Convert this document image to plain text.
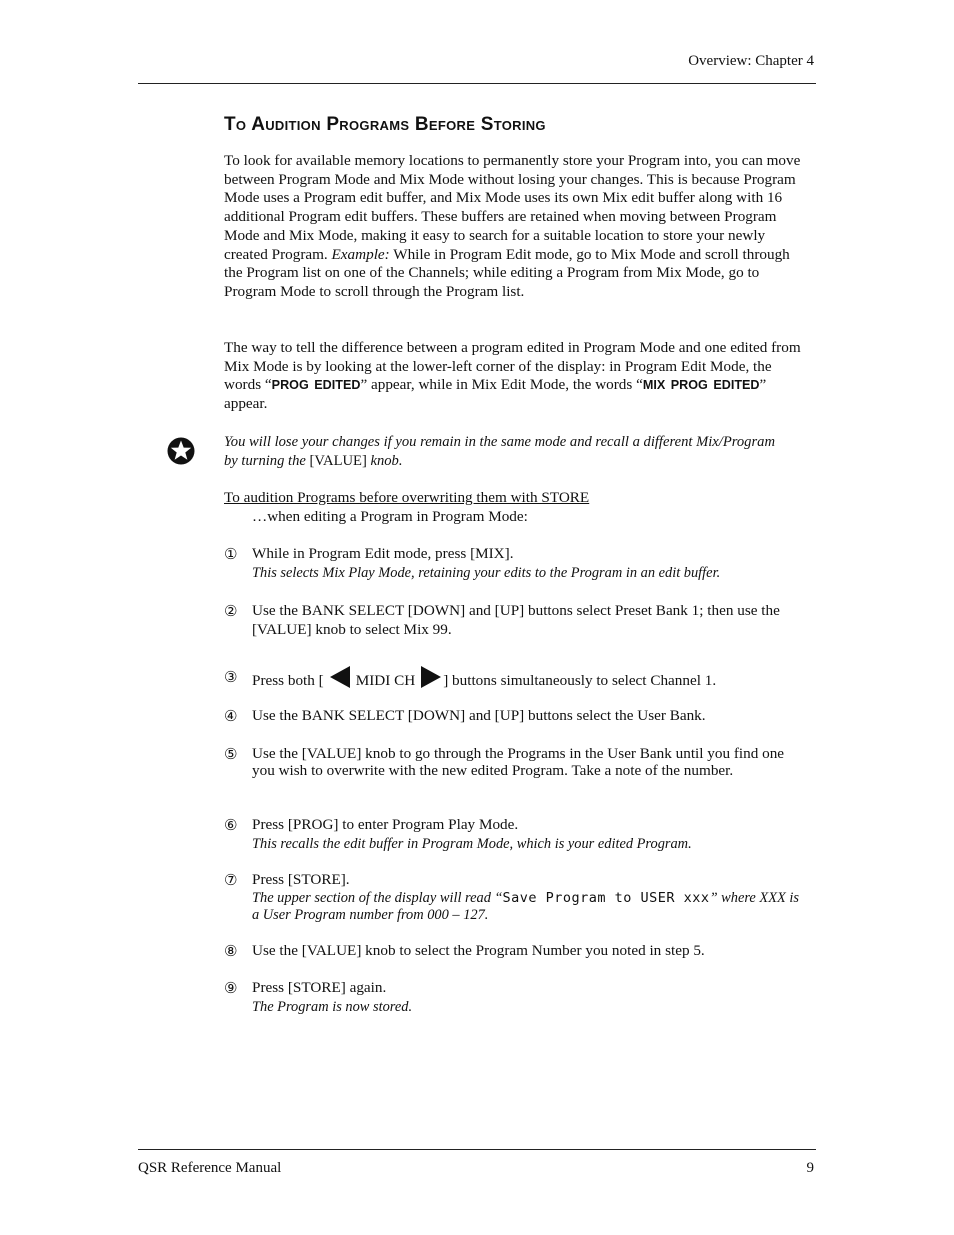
Overview: Chapter 4
To Audition Programs Before Storing
To look for available memory locations to permanently store your Program into, you can move between Program Mode and Mix Mode without losing your changes. This is because Program Mode uses a Program edit buffer, and Mix Mode uses its own Mix edit buffer along with 16 additional Program edit buffers. These buffers are retained when moving between Program Mode and Mix Mode, making it easy to search for a suitable location to store your newly created Program. Example: While in Program Edit mode, go to Mix Mode and scroll through the Program list on one of the Channels; while editing a Program from Mix Mode, go to Program Mode to scroll through the Program list.
The way to tell the difference between a program edited in Program Mode and one edited from Mix Mode is by looking at the lower-left corner of the display: in Program Edit Mode, the words “PROG EDITED” appear, while in Mix Edit Mode, the words “MIX PROG EDITED” appear.
You will lose your changes if you remain in the same mode and recall a different Mix/Program by turning the [VALUE] knob.
To audition Programs before overwriting them with STORE
…when editing a Program in Program Mode:
① While in Program Edit mode, press [MIX].
This selects Mix Play Mode, retaining your edits to the Program in an edit buffer.
② Use the BANK SELECT [DOWN] and [UP] buttons select Preset Bank 1; then use the [VALUE] knob to select Mix 99.
③ Press both [ MIDI CH ] buttons simultaneously to select Channel 1.
④ Use the BANK SELECT [DOWN] and [UP] buttons select the User Bank.
⑤ Use the [VALUE] knob to go through the Programs in the User Bank until you find one you wish to overwrite with the new edited Program. Take a note of the number.
⑥ Press [PROG] to enter Program Play Mode.
This recalls the edit buffer in Program Mode, which is your edited Program.
⑦ Press [STORE].
The upper section of the display will read “Save Program to USER xxx” where XXX is a User Program number from 000 – 127.
⑧ Use the [VALUE] knob to select the Program Number you noted in step 5.
⑨ Press [STORE] again.
The Program is now stored.
QSR Reference Manual	9
